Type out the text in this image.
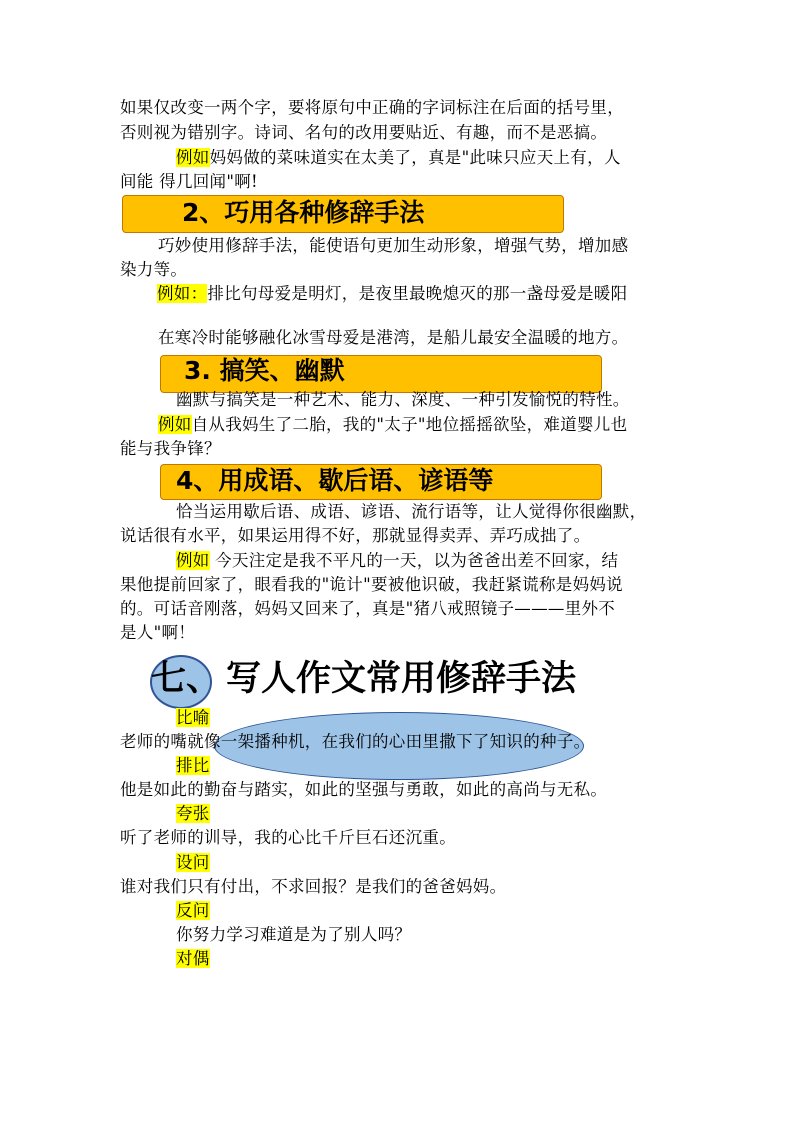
如果仅改变一两个字，要将原句中正确的字词标注在后面的括号里，
否则视为错别字。诗词、名句的改用要贴近、有趣，而不是恶搞。
例如妈妈做的菜味道实在太美了，真是"此味只应天上有，人
间能 得几回闻"啊!
2、巧用各种修辞手法
巧妙使用修辞手法，能使语句更加生动形象，增强气势，增加感
染力等。
例如：排比句母爱是明灯，是夜里最晚熄灭的那一盏母爱是暖阳
在寒冷时能够融化冰雪母爱是港湾，是船儿最安全温暖的地方。
3. 搞笑、幽默
幽默与搞笑是一种艺术、能力、深度、一种引发愉悦的特性。
例如自从我妈生了二胎，我的"太子"地位摇摇欲坠，难道婴儿也
能与我争锋？
4、用成语、歇后语、谚语等
恰当运用歇后语、成语、谚语、流行语等，让人觉得你很幽默，
说话很有水平，如果运用得不好，那就显得卖弄、弄巧成拙了。
例如 今天注定是我不平凡的一天，以为爸爸出差不回家，结
果他提前回家了，眼看我的"诡计"要被他识破，我赶紧谎称是妈妈说
的。可话音刚落，妈妈又回来了，真是"猪八戒照镜子———里外不
是人"啊！
七、 写人作文常用修辞手法
比喻
老师的嘴就像一架播种机，在我们的心田里撒下了知识的种子。
排比
他是如此的勤奋与踏实，如此的坚强与勇敢，如此的高尚与无私。
夸张
听了老师的训导，我的心比千斤巨石还沉重。
设问
谁对我们只有付出，不求回报？是我们的爸爸妈妈。
反问
你努力学习难道是为了别人吗？
对偶
